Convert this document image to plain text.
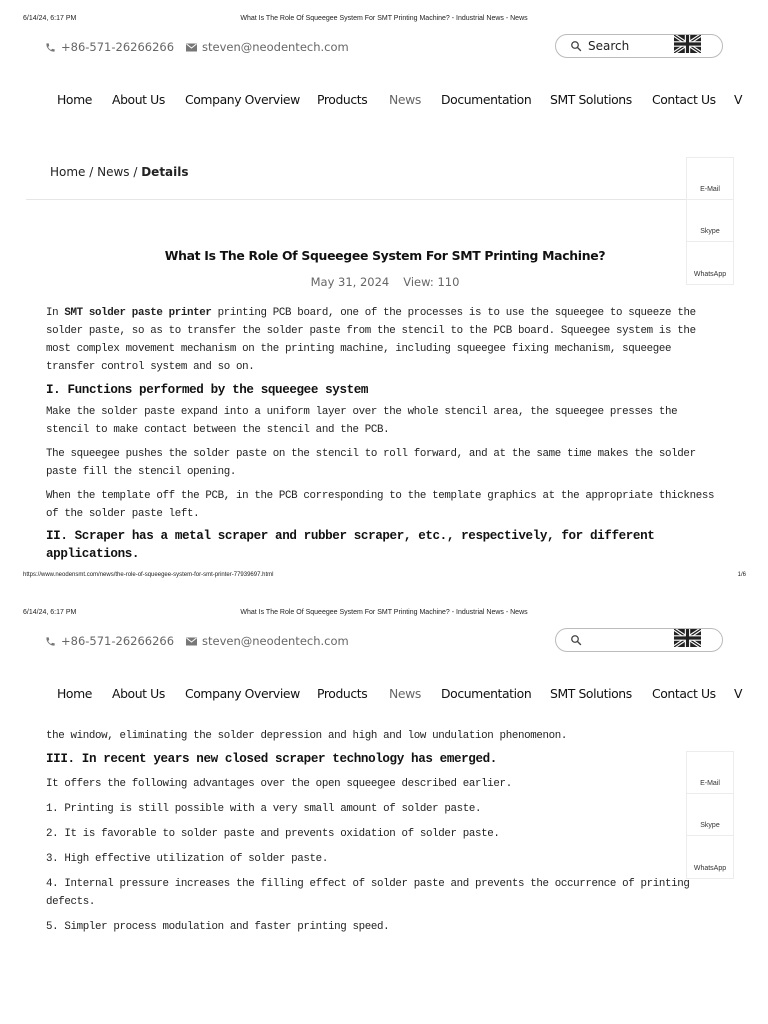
6/14/24, 6:17 PM	What Is The Role Of Squeegee System For SMT Printing Machine? - Industrial News - News
+86-571-26266266 steven@neodentech.com
Search
Home About Us Company Overview Products News Documentation SMT Solutions Contact Us V
Home / News / Details
E-Mail
Skype
WhatsApp
What Is The Role Of Squeegee System For SMT Printing Machine?
May 31, 2024 View: 110

In SMT solder paste printer printing PCB board, one of the processes is to use the squeegee to squeeze the solder paste, so as to transfer the solder paste from the stencil to the PCB board. Squeegee system is the most complex movement mechanism on the printing machine, including squeegee fixing mechanism, squeegee transfer control system and so on.

I. Functions performed by the squeegee system

Make the solder paste expand into a uniform layer over the whole stencil area, the squeegee presses the stencil to make contact between the stencil and the PCB.

The squeegee pushes the solder paste on the stencil to roll forward, and at the same time makes the solder paste fill the stencil opening.

When the template off the PCB, in the PCB corresponding to the template graphics at the appropriate thickness of the solder paste left.

II. Scraper has a metal scraper and rubber scraper, etc., respectively, for different applications.
https://www.neodensmt.com/news/the-role-of-squeegee-system-for-smt-printer-77939697.html	1/6
6/14/24, 6:17 PM	What Is The Role Of Squeegee System For SMT Printing Machine? - Industrial News - News
+86-571-26266266 steven@neodentech.com
Home About Us Company Overview Products News Documentation SMT Solutions Contact Us V
E-Mail
Skype
WhatsApp

the window, eliminating the solder depression and high and low undulation phenomenon.

III. In recent years new closed scraper technology has emerged.

It offers the following advantages over the open squeegee described earlier.

1. Printing is still possible with a very small amount of solder paste.

2. It is favorable to solder paste and prevents oxidation of solder paste.

3. High effective utilization of solder paste.

4. Internal pressure increases the filling effect of solder paste and prevents the occurrence of printing defects.

5. Simpler process modulation and faster printing speed.
